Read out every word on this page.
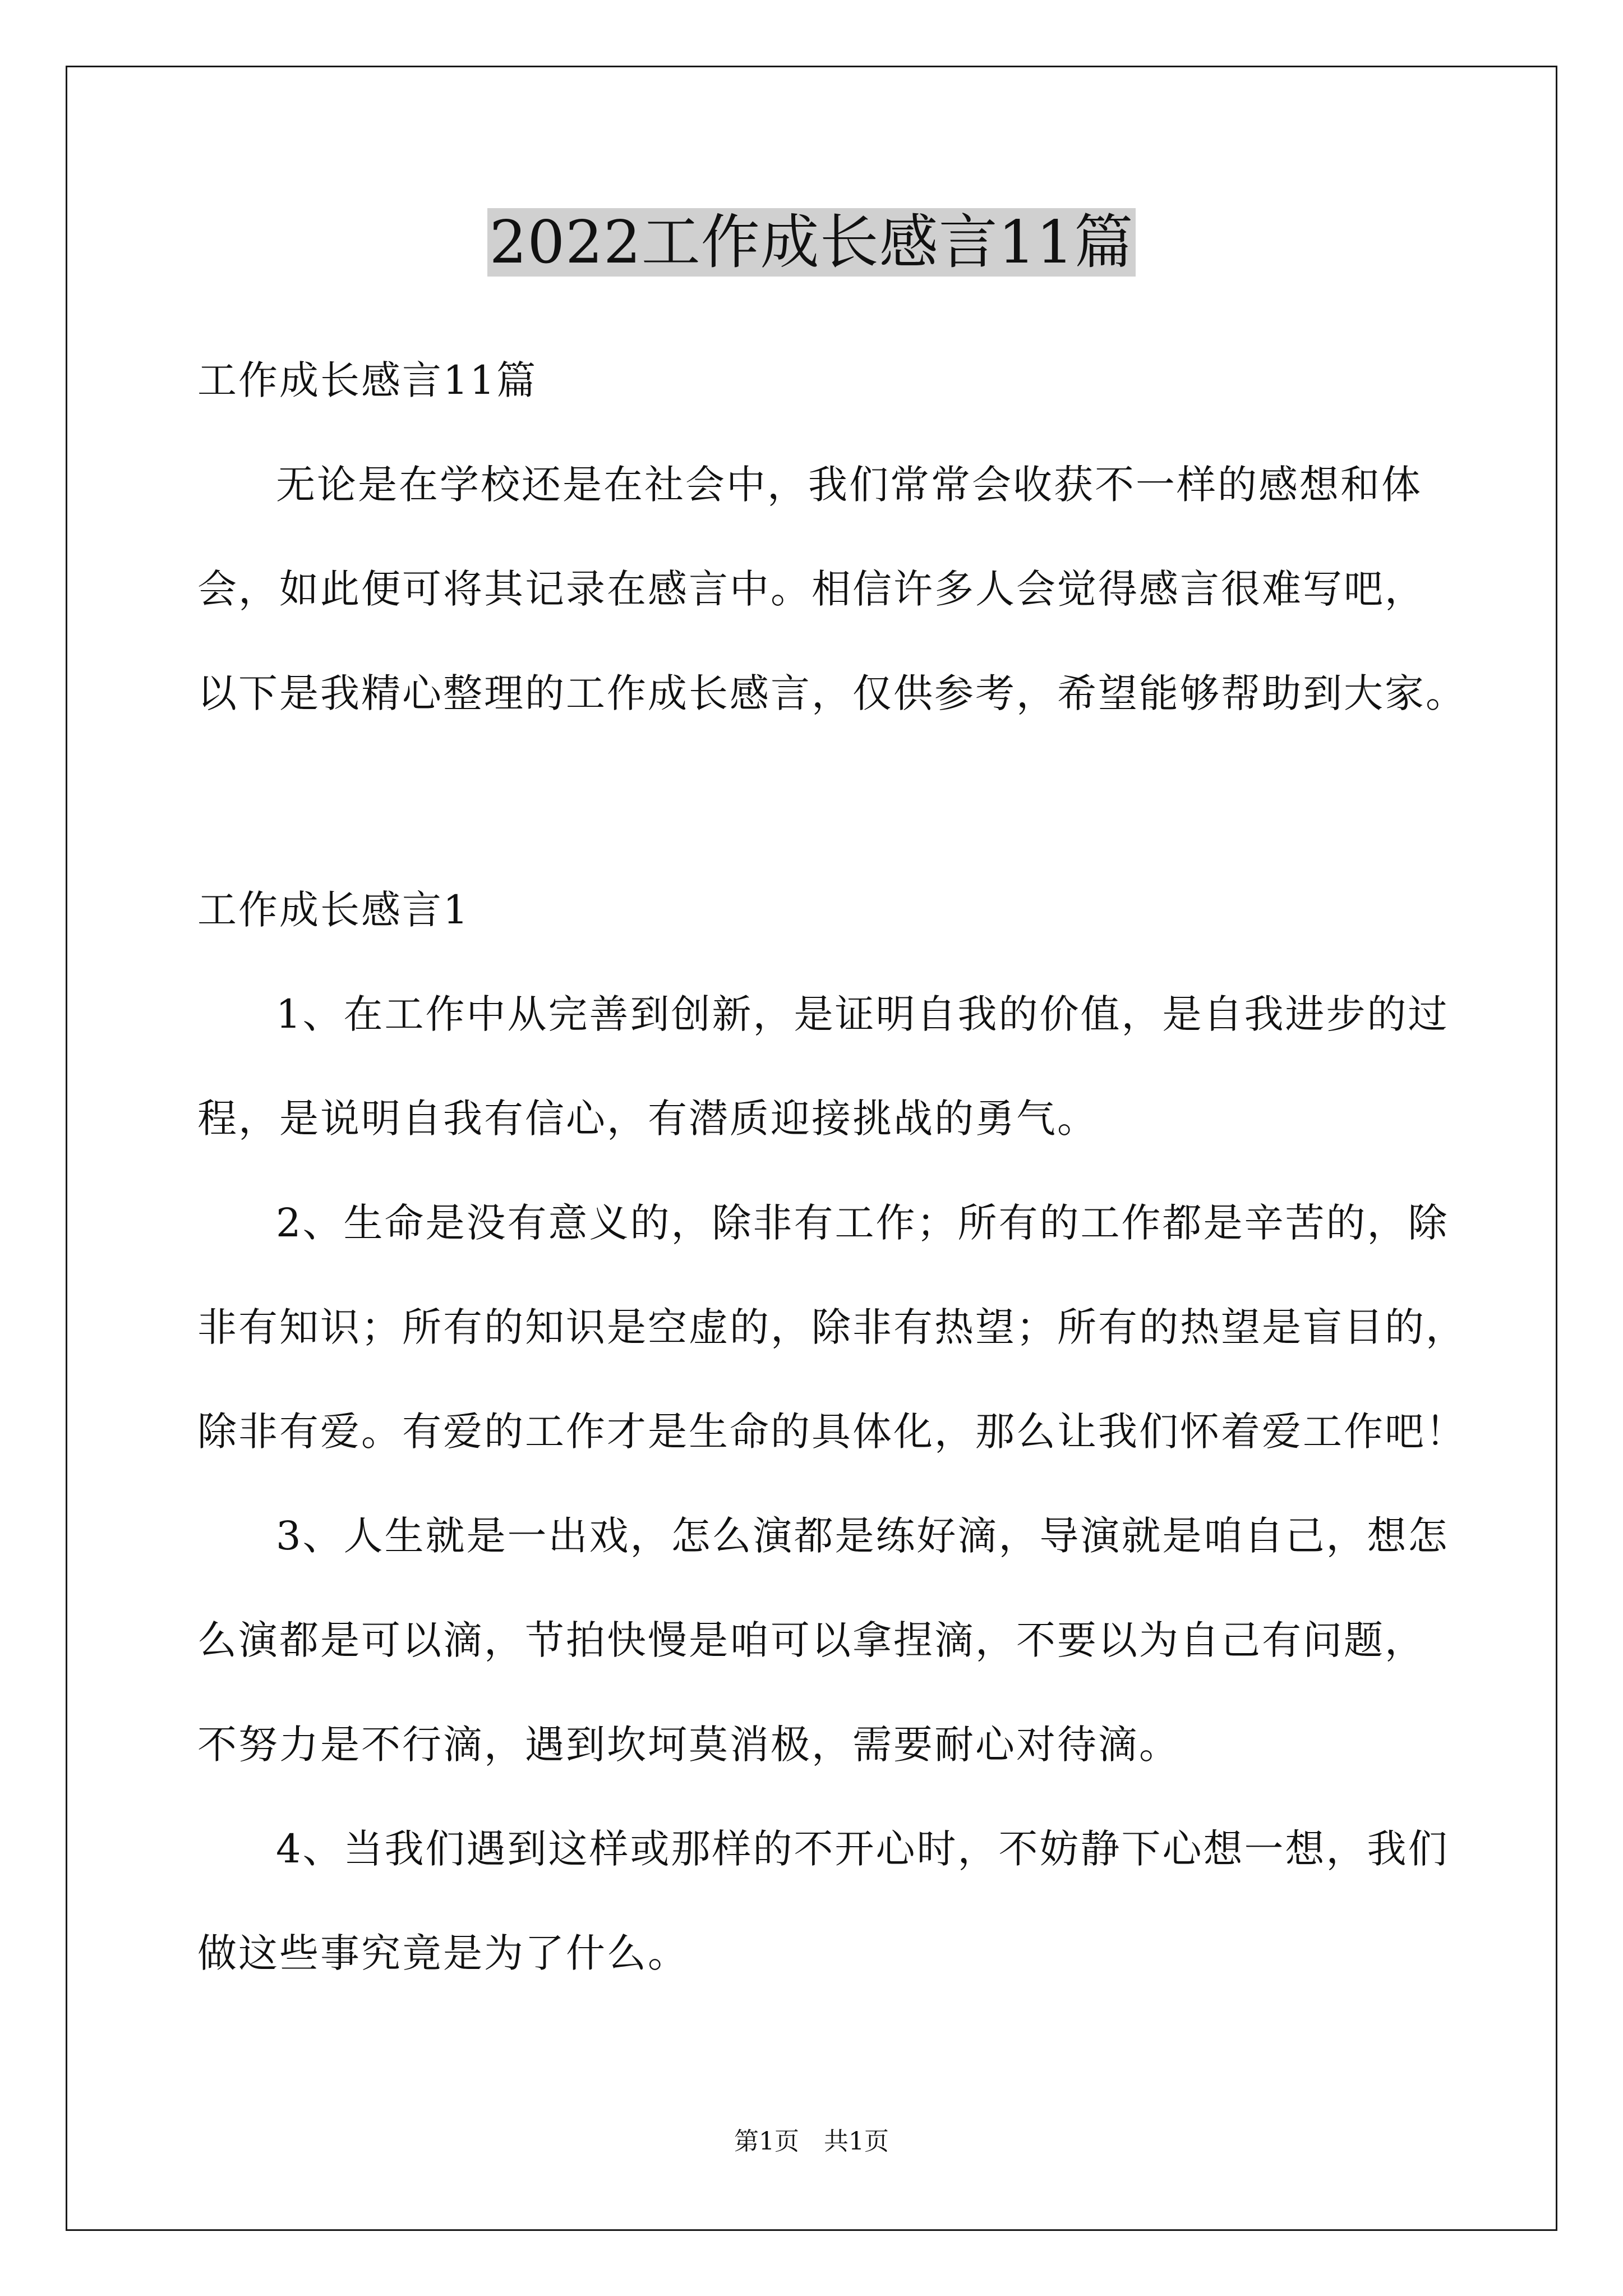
2022工作成长感言11篇
工作成长感言11篇
无论是在学校还是在社会中，我们常常会收获不一样的感想和体
会，如此便可将其记录在感言中。相信许多人会觉得感言很难写吧，
以下是我精心整理的工作成长感言，仅供参考，希望能够帮助到大家。
工作成长感言1
1、在工作中从完善到创新，是证明自我的价值，是自我进步的过
程，是说明自我有信心，有潜质迎接挑战的勇气。
2、生命是没有意义的，除非有工作；所有的工作都是辛苦的，除
非有知识；所有的知识是空虚的，除非有热望；所有的热望是盲目的，
除非有爱。有爱的工作才是生命的具体化，那么让我们怀着爱工作吧！
3、人生就是一出戏，怎么演都是练好滴，导演就是咱自己，想怎
么演都是可以滴，节拍快慢是咱可以拿捏滴，不要以为自己有问题，
不努力是不行滴，遇到坎坷莫消极，需要耐心对待滴。
4、当我们遇到这样或那样的不开心时，不妨静下心想一想，我们
做这些事究竟是为了什么。
第1页　共1页
